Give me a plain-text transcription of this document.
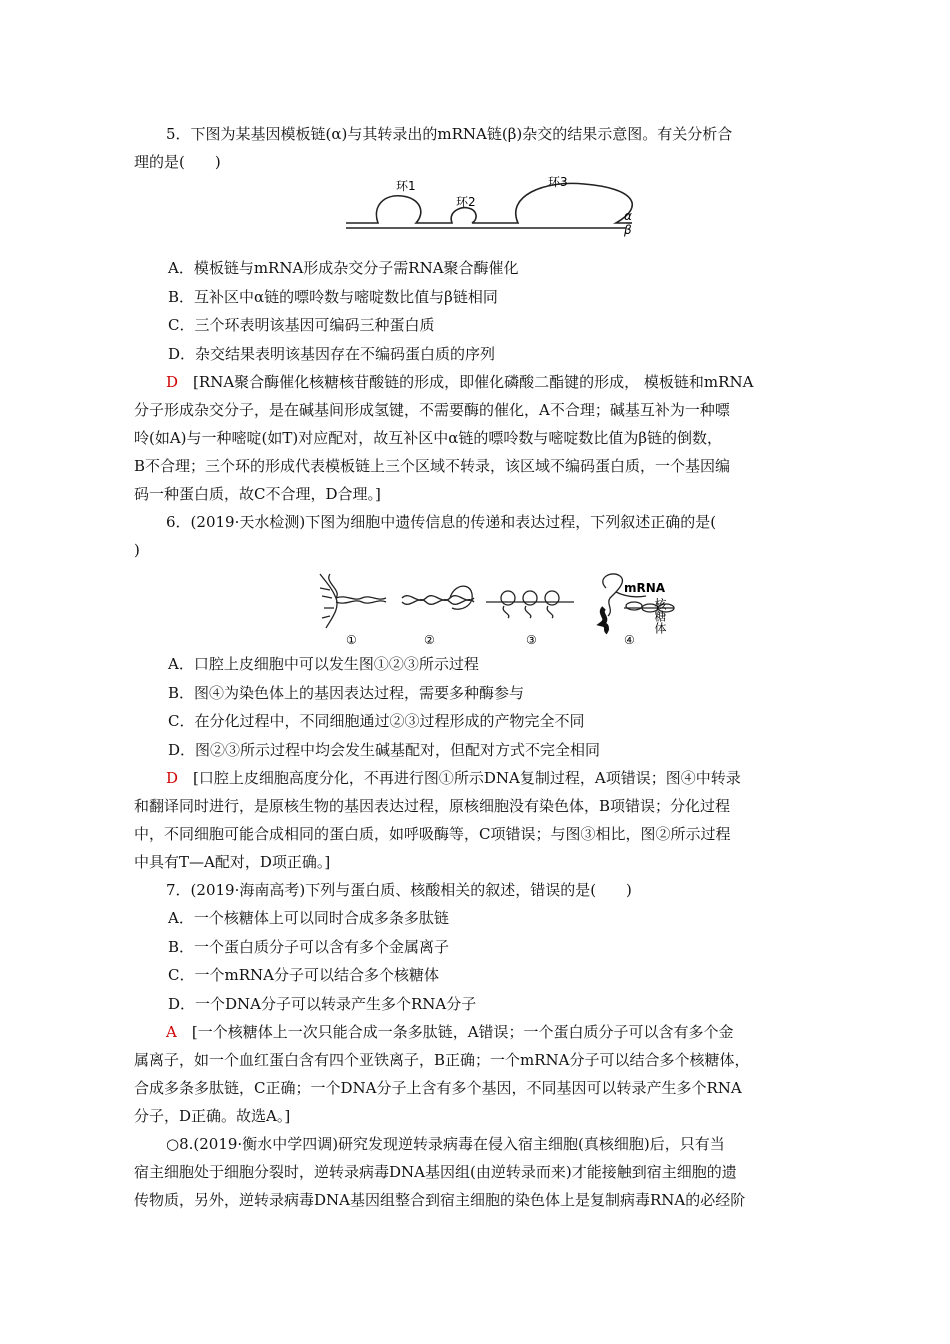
5．下图为某基因模板链(α)与其转录出的mRNA链(β)杂交的结果示意图。有关分析合

理的是(　　)

环1
环2
环3
α
β

A．模板链与mRNA形成杂交分子需RNA聚合酶催化

B．互补区中α链的嘌呤数与嘧啶数比值与β链相同

C．三个环表明该基因可编码三种蛋白质

D．杂交结果表明该基因存在不编码蛋白质的序列

D　 [RNA聚合酶催化核糖核苷酸链的形成，即催化磷酸二酯键的形成， 模板链和mRNA

分子形成杂交分子，是在碱基间形成氢键，不需要酶的催化，A不合理；碱基互补为一种嘌

呤(如A)与一种嘧啶(如T)对应配对，故互补区中α链的嘌呤数与嘧啶数比值为β链的倒数，

B不合理；三个环的形成代表模板链上三个区域不转录，该区域不编码蛋白质，一个基因编

码一种蛋白质，故C不合理，D合理。]

6．(2019·天水检测)下图为细胞中遗传信息的传递和表达过程，下列叙述正确的是(

)

①	②	③	④
mRNA
核糖体

A．口腔上皮细胞中可以发生图①②③所示过程

B．图④为染色体上的基因表达过程，需要多种酶参与

C．在分化过程中，不同细胞通过②③过程形成的产物完全不同

D．图②③所示过程中均会发生碱基配对，但配对方式不完全相同

D　 [口腔上皮细胞高度分化，不再进行图①所示DNA复制过程，A项错误；图④中转录

和翻译同时进行，是原核生物的基因表达过程，原核细胞没有染色体，B项错误；分化过程

中，不同细胞可能合成相同的蛋白质，如呼吸酶等，C项错误；与图③相比，图②所示过程

中具有T—A配对，D项正确。]

7．(2019·海南高考)下列与蛋白质、核酸相关的叙述，错误的是(　　)

A．一个核糖体上可以同时合成多条多肽链

B．一个蛋白质分子可以含有多个金属离子

C．一个mRNA分子可以结合多个核糖体

D．一个DNA分子可以转录产生多个RNA分子

A　 [一个核糖体上一次只能合成一条多肽链，A错误；一个蛋白质分子可以含有多个金

属离子，如一个血红蛋白含有四个亚铁离子，B正确；一个mRNA分子可以结合多个核糖体，

合成多条多肽链，C正确；一个DNA分子上含有多个基因，不同基因可以转录产生多个RNA

分子，D正确。故选A。]

○8.(2019·衡水中学四调)研究发现逆转录病毒在侵入宿主细胞(真核细胞)后，只有当

宿主细胞处于细胞分裂时，逆转录病毒DNA基因组(由逆转录而来)才能接触到宿主细胞的遗

传物质，另外，逆转录病毒DNA基因组整合到宿主细胞的染色体上是复制病毒RNA的必经阶
